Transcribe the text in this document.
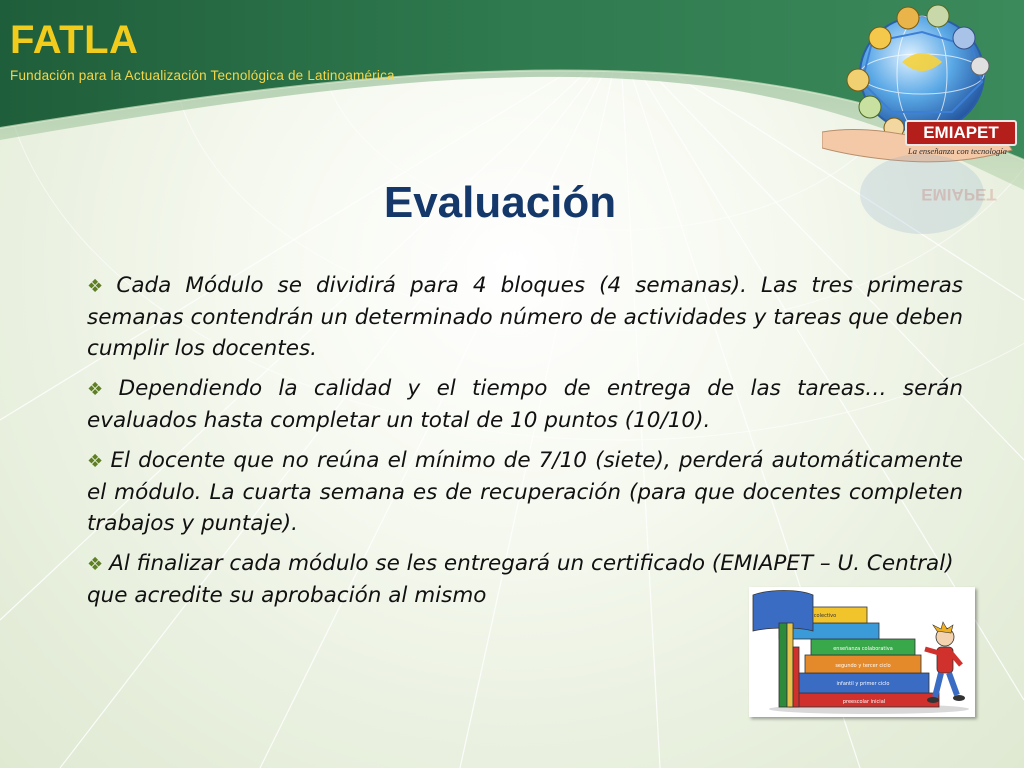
FATLA
Fundación para la Actualización Tecnológica de Latinoamérica
EMIAPET
La enseñanza con tecnología
EMIAPET
Evaluación

❖ Cada Módulo se dividirá para 4 bloques (4 semanas). Las tres primeras semanas contendrán un determinado número de actividades y tareas que deben cumplir los docentes.

❖ Dependiendo la calidad y el tiempo de entrega de las tareas… serán evaluados hasta completar un total de 10 puntos (10/10).

❖ El docente que no reúna el mínimo de 7/10 (siete), perderá automáticamente el módulo. La cuarta semana es de recuperación (para que docentes completen trabajos y puntaje).

❖ Al finalizar cada módulo se les entregará un certificado (EMIAPET – U. Central) que acredite su aprobación al mismo

preescolar inicial
infantil y primer ciclo
segundo y tercer ciclo
enseñanza colaborativa
colectivo
